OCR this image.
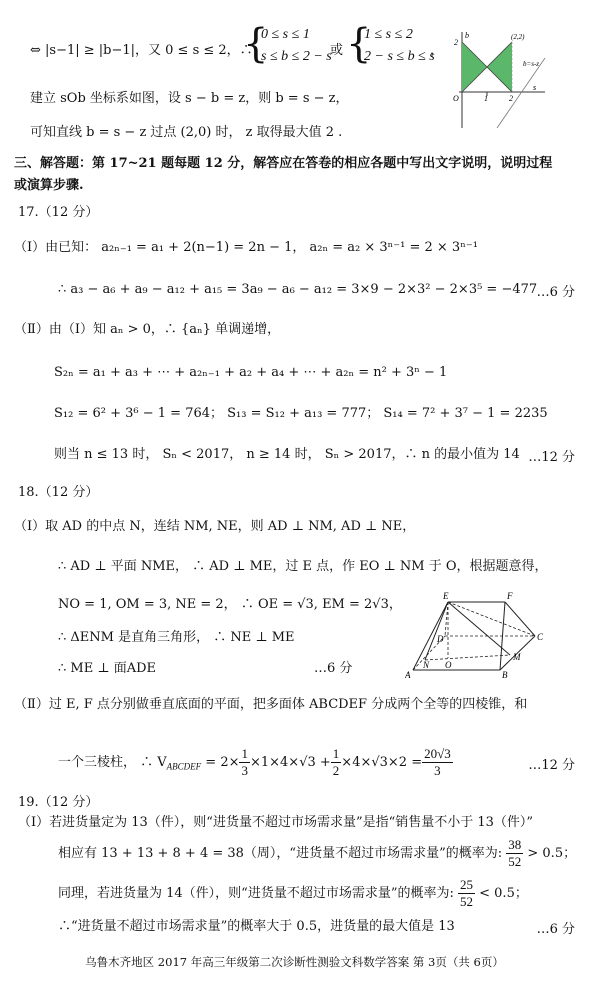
⇔ |s−1| ≥ |b−1|，又 0 ≤ s ≤ 2，∴
{
0 ≤ s ≤ 1
s ≤ b ≤ 2 − s
或 {
1 ≤ s ≤ 2
2 − s ≤ b ≤ s
，
建立 sOb 坐标系如图，设 s − b = z，则 b = s − z，
可知直线 b = s − z 过点 (2,0) 时， z 取得最大值 2 .
b
s
O
2
1	2
(2,2)
b=s-z
三、解答题：第 17~21 题每题 12 分，解答应在答卷的相应各题中写出文字说明，说明过程
或演算步骤.
17.（12 分）
（Ⅰ）由已知： a₂ₙ₋₁ = a₁ + 2(n−1) = 2n − 1， a₂ₙ = a₂ × 3ⁿ⁻¹ = 2 × 3ⁿ⁻¹
∴ a₃ − a₆ + a₉ − a₁₂ + a₁₅ = 3a₉ − a₆ − a₁₂ = 3×9 − 2×3² − 2×3⁵ = −477 …6 分
（Ⅱ）由（Ⅰ）知 aₙ > 0，∴ {aₙ} 单调递增，
S₂ₙ = a₁ + a₃ + ⋯ + a₂ₙ₋₁ + a₂ + a₄ + ⋯ + a₂ₙ = n² + 3ⁿ − 1
S₁₂ = 6² + 3⁶ − 1 = 764； S₁₃ = S₁₂ + a₁₃ = 777； S₁₄ = 7² + 3⁷ − 1 = 2235
则当 n ≤ 13 时， Sₙ < 2017， n ≥ 14 时， Sₙ > 2017，∴ n 的最小值为 14 …12 分
18.（12 分）
（Ⅰ）取 AD 的中点 N，连结 NM, NE，则 AD ⊥ NM, AD ⊥ NE，
∴ AD ⊥ 平面 NME， ∴ AD ⊥ ME，过 E 点，作 EO ⊥ NM 于 O，根据题意得，
NO = 1, OM = 3, NE = 2， ∴ OE = √3, EM = 2√3，
∴ ΔENM 是直角三角形， ∴ NE ⊥ ME
∴ ME ⊥ 面ADE	…6 分
E	F
C
D
A	B
M
N O
（Ⅱ）过 E, F 点分别做垂直底面的平面，把多面体 ABCDEF 分成两个全等的四棱锥，和
一个三棱柱， ∴ $V_{ABCDEF} = 2\times \frac{1}{3} \times 1\times 4\times√3 + \frac{1}{2} \times 4\times√3\times 2 = \frac{20√3}{3}$	…12 分
19.（12 分）
（Ⅰ）若进货量定为 13（件），则“进货量不超过市场需求量”是指“销售量不小于 13（件）”
相应有 13 + 13 + 8 + 4 = 38（周），“进货量不超过市场需求量”的概率为: $\frac{38}{52} > 0.5$；
同理，若进货量为 14（件），则“进货量不超过市场需求量”的概率为: $\frac{25}{52} < 0.5$；
∴“进货量不超过市场需求量”的概率大于 0.5，进货量的最大值是 13	…6 分
乌鲁木齐地区 2017 年高三年级第二次诊断性测验文科数学答案 第 3页（共 6页）
